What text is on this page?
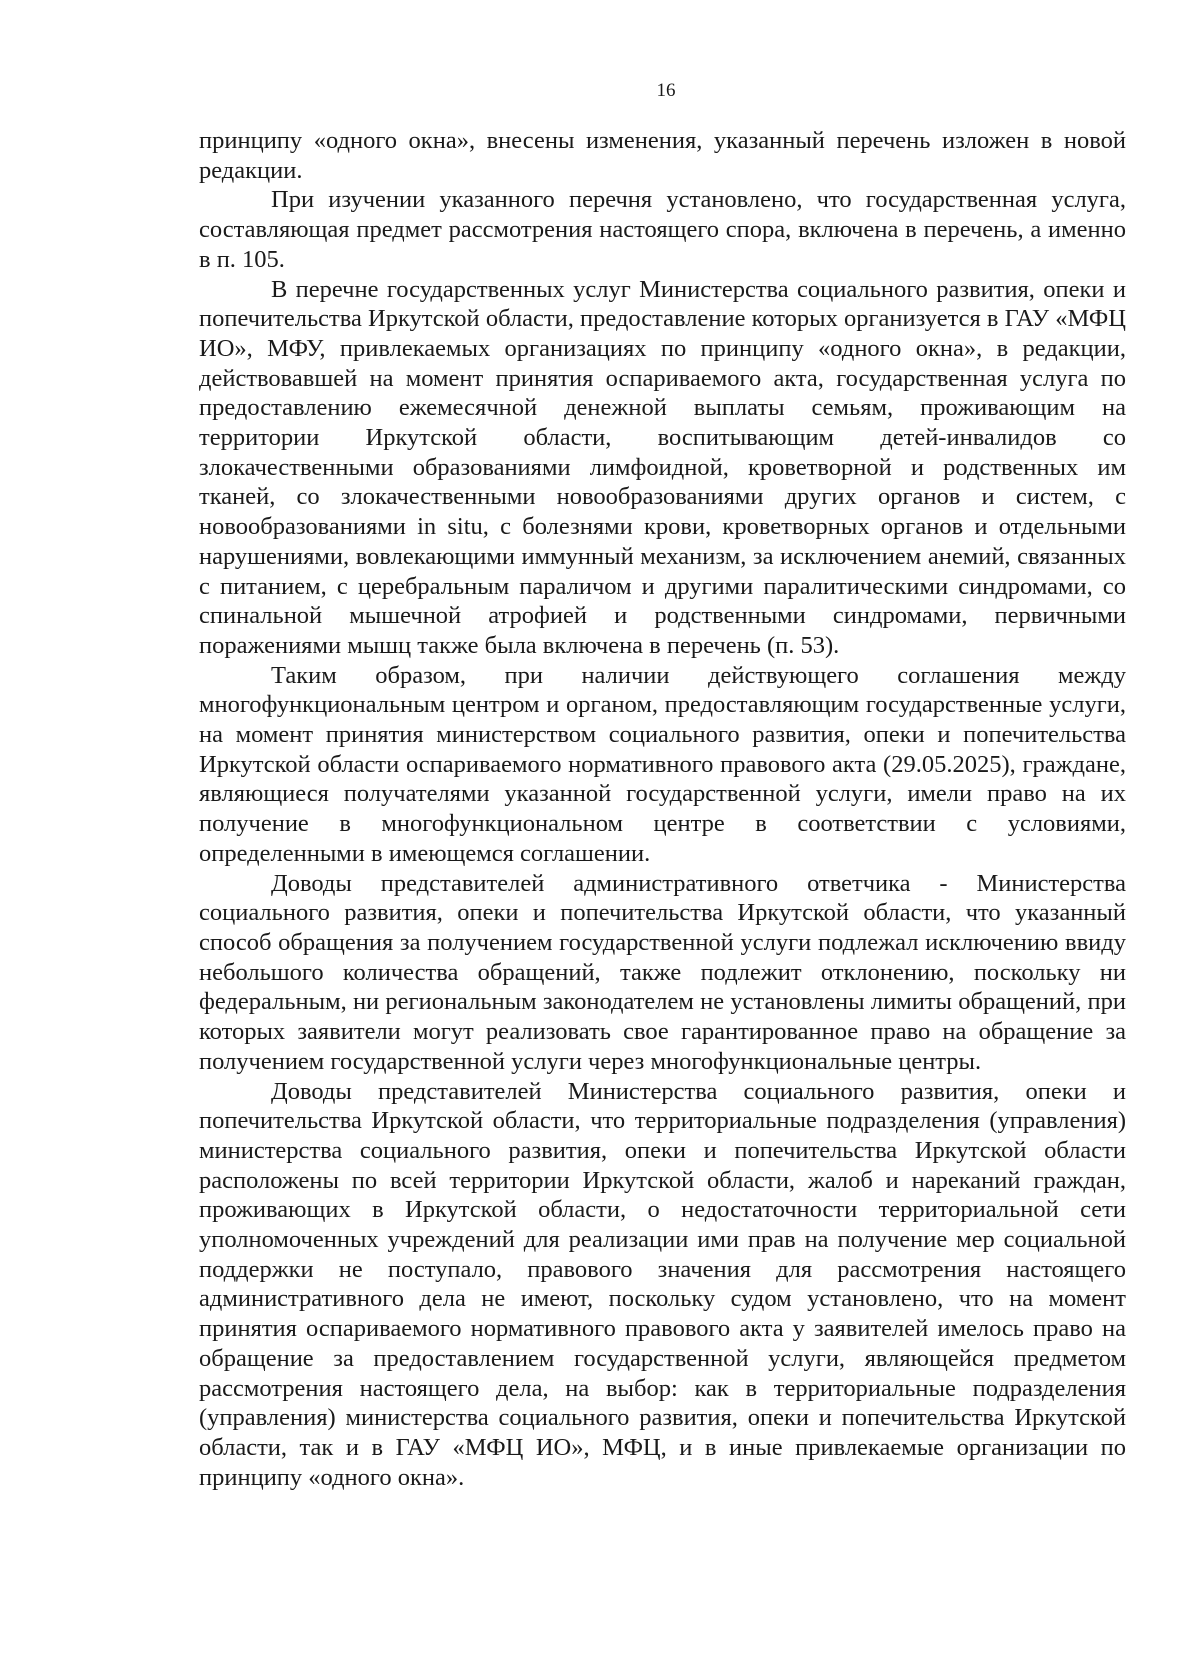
16

принципу «одного окна», внесены изменения, указанный перечень изложен в новой редакции.

При изучении указанного перечня установлено, что государственная услуга, составляющая предмет рассмотрения настоящего спора, включена в перечень, а именно в п. 105.

В перечне государственных услуг Министерства социального развития, опеки и попечительства Иркутской области, предоставление которых организуется в ГАУ «МФЦ ИО», МФУ, привлекаемых организациях по принципу «одного окна», в редакции, действовавшей на момент принятия оспариваемого акта, государственная услуга по предоставлению ежемесячной денежной выплаты семьям, проживающим на территории Иркутской области, воспитывающим детей-инвалидов со злокачественными образованиями лимфоидной, кроветворной и родственных им тканей, со злокачественными новообразованиями других органов и систем, с новообразованиями in situ, с болезнями крови, кроветворных органов и отдельными нарушениями, вовлекающими иммунный механизм, за исключением анемий, связанных с питанием, с церебральным параличом и другими паралитическими синдромами, со спинальной мышечной атрофией и родственными синдромами, первичными поражениями мышц также была включена в перечень (п. 53).

Таким образом, при наличии действующего соглашения между многофункциональным центром и органом, предоставляющим государственные услуги, на момент принятия министерством социального развития, опеки и попечительства Иркутской области оспариваемого нормативного правового акта (29.05.2025), граждане, являющиеся получателями указанной государственной услуги, имели право на их получение в многофункциональном центре в соответствии с условиями, определенными в имеющемся соглашении.

Доводы представителей административного ответчика - Министерства социального развития, опеки и попечительства Иркутской области, что указанный способ обращения за получением государственной услуги подлежал исключению ввиду небольшого количества обращений, также подлежит отклонению, поскольку ни федеральным, ни региональным законодателем не установлены лимиты обращений, при которых заявители могут реализовать свое гарантированное право на обращение за получением государственной услуги через многофункциональные центры.

Доводы представителей Министерства социального развития, опеки и попечительства Иркутской области, что территориальные подразделения (управления) министерства социального развития, опеки и попечительства Иркутской области расположены по всей территории Иркутской области, жалоб и нареканий граждан, проживающих в Иркутской области, о недостаточности территориальной сети уполномоченных учреждений для реализации ими прав на получение мер социальной поддержки не поступало, правового значения для рассмотрения настоящего административного дела не имеют, поскольку судом установлено, что на момент принятия оспариваемого нормативного правового акта у заявителей имелось право на обращение за предоставлением государственной услуги, являющейся предметом рассмотрения настоящего дела, на выбор: как в территориальные подразделения (управления) министерства социального развития, опеки и попечительства Иркутской области, так и в ГАУ «МФЦ ИО», МФЦ, и в иные привлекаемые организации по принципу «одного окна».
